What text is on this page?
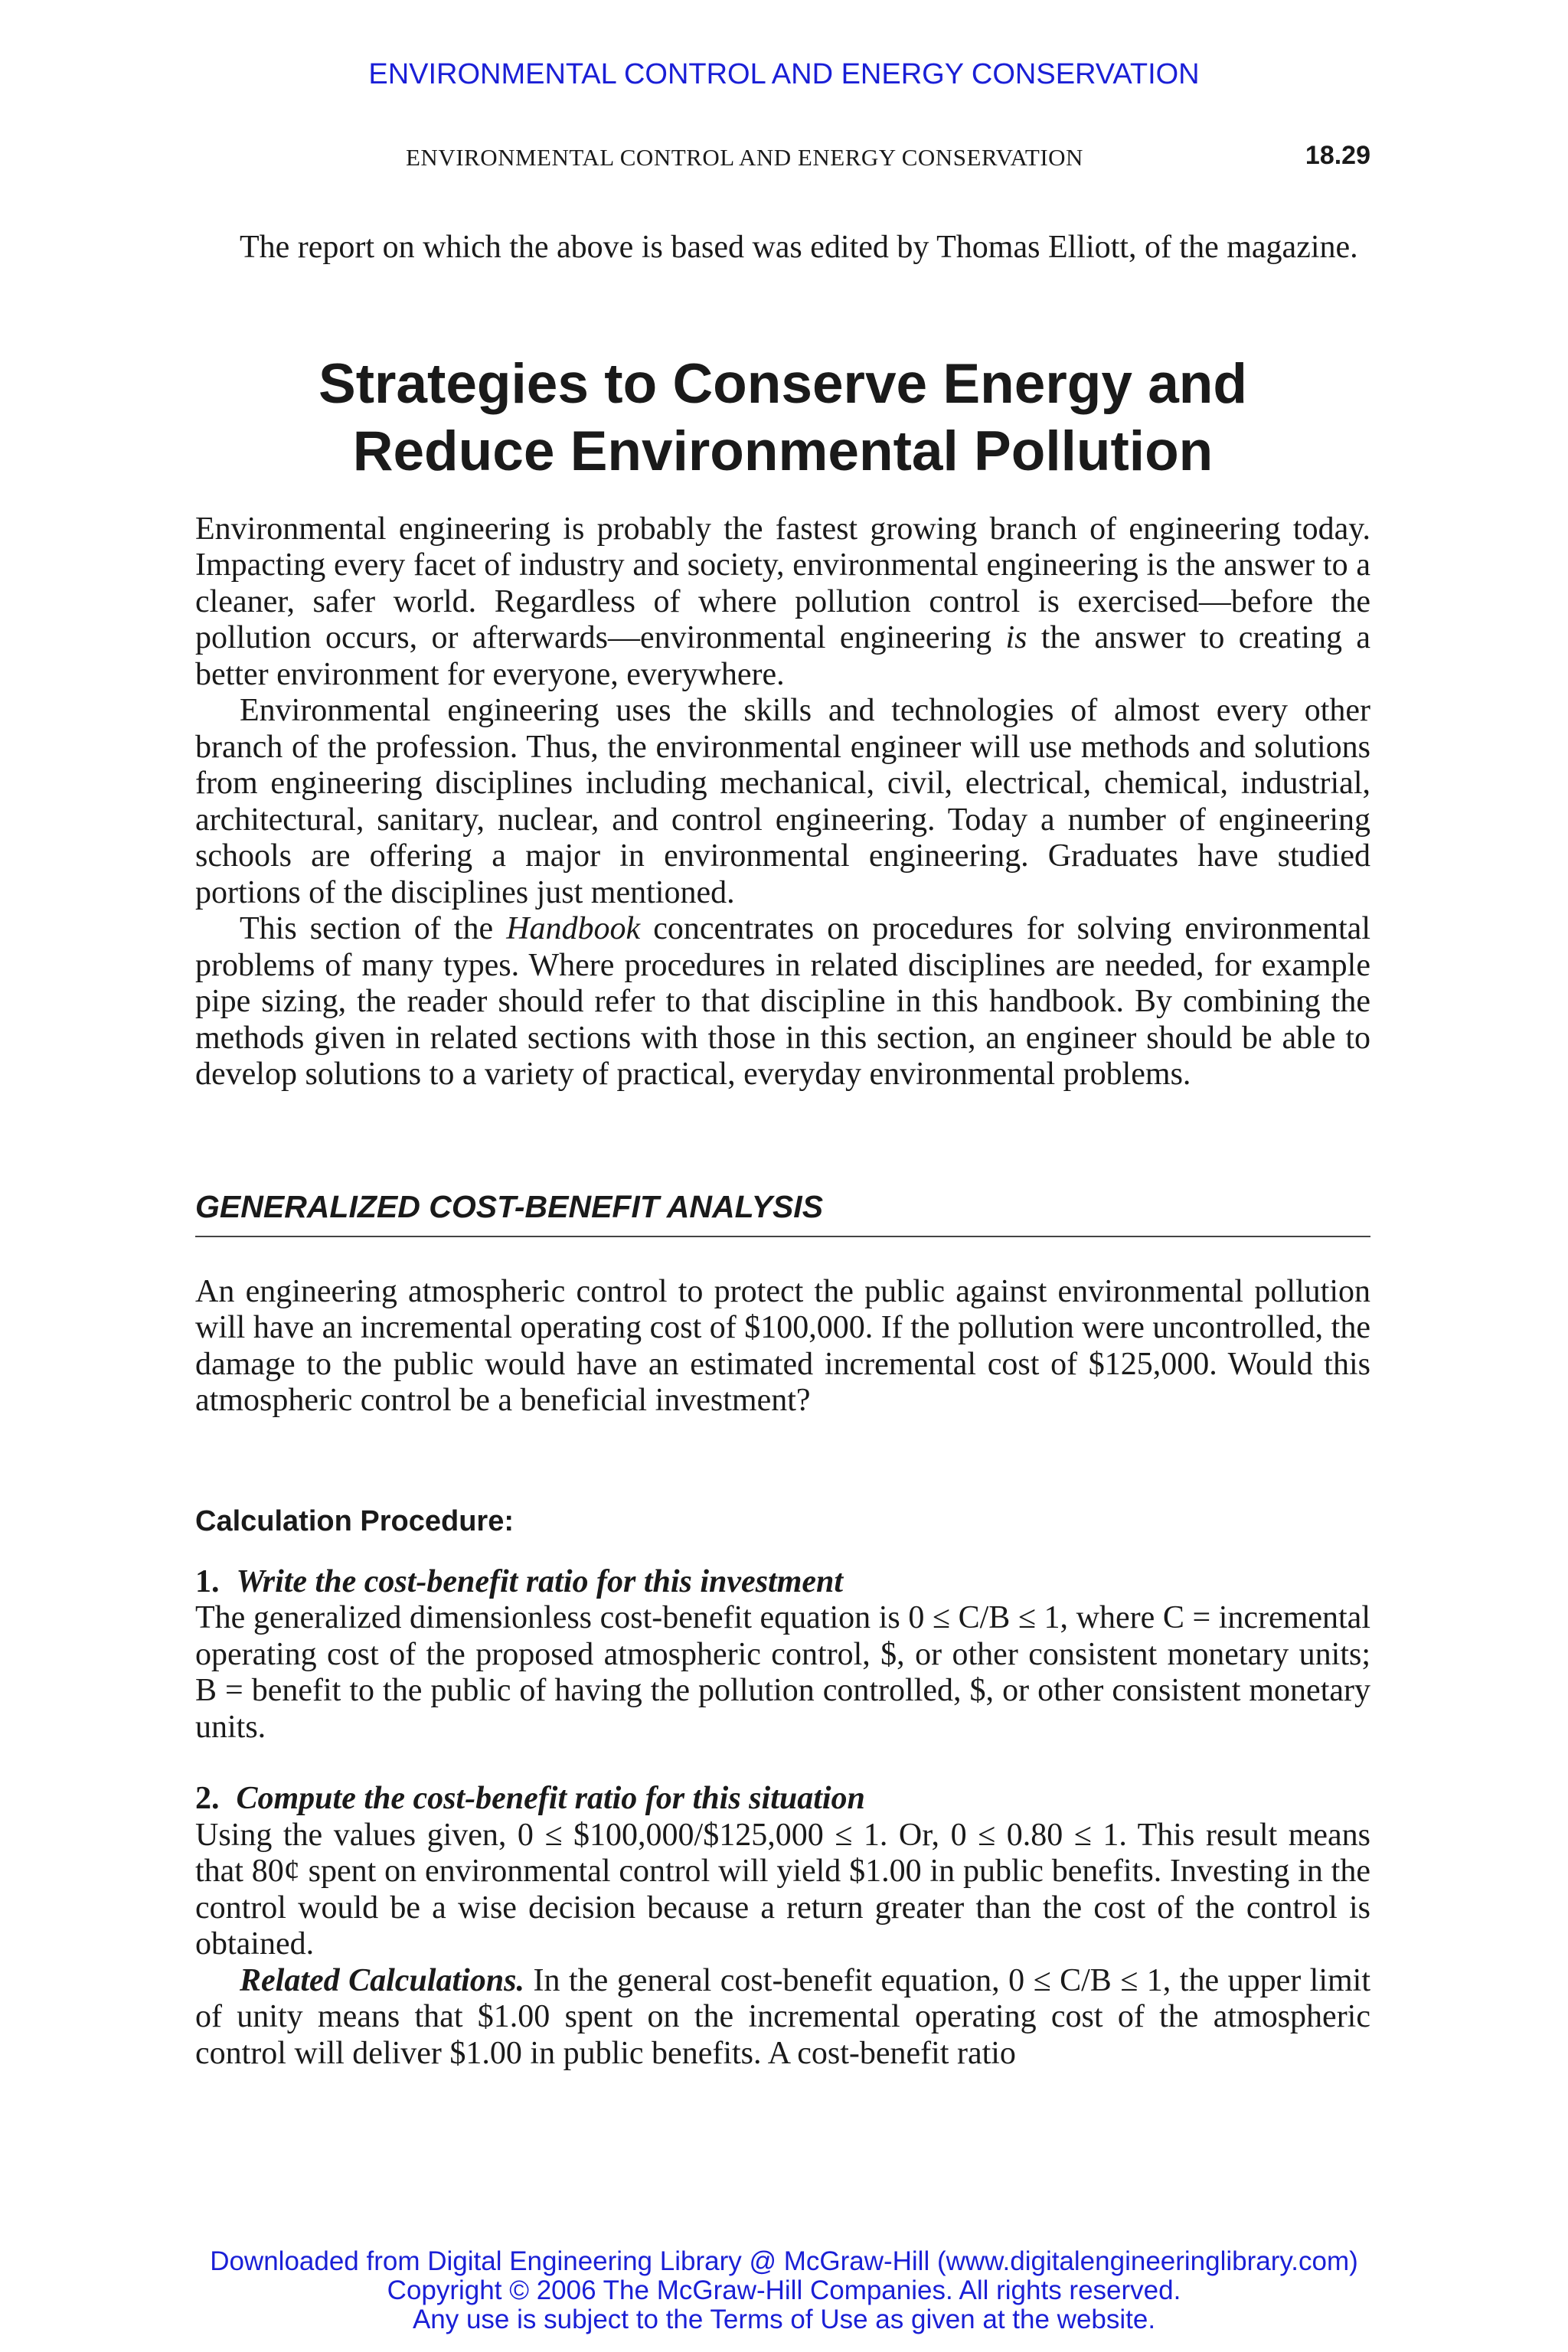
ENVIRONMENTAL CONTROL AND ENERGY CONSERVATION
ENVIRONMENTAL CONTROL AND ENERGY CONSERVATION	18.29

The report on which the above is based was edited by Thomas Elliott, of the magazine.

Strategies to Conserve Energy and
Reduce Environmental Pollution

Environmental engineering is probably the fastest growing branch of engineering today. Impacting every facet of industry and society, environmental engineering is the answer to a cleaner, safer world. Regardless of where pollution control is exercised—before the pollution occurs, or afterwards—environmental engineering is the answer to creating a better environment for everyone, everywhere.

Environmental engineering uses the skills and technologies of almost every other branch of the profession. Thus, the environmental engineer will use methods and solutions from engineering disciplines including mechanical, civil, electrical, chemical, industrial, architectural, sanitary, nuclear, and control engineering. Today a number of engineering schools are offering a major in environmental engineering. Graduates have studied portions of the disciplines just mentioned.

This section of the Handbook concentrates on procedures for solving environmental problems of many types. Where procedures in related disciplines are needed, for example pipe sizing, the reader should refer to that discipline in this handbook. By combining the methods given in related sections with those in this section, an engineer should be able to develop solutions to a variety of practical, everyday environmental problems.

GENERALIZED COST-BENEFIT ANALYSIS

An engineering atmospheric control to protect the public against environmental pollution will have an incremental operating cost of $100,000. If the pollution were uncontrolled, the damage to the public would have an estimated incremental cost of $125,000. Would this atmospheric control be a beneficial investment?

Calculation Procedure:
1. Write the cost-benefit ratio for this investment

The generalized dimensionless cost-benefit equation is 0 ≤ C/B ≤ 1, where C = incremental operating cost of the proposed atmospheric control, $, or other consistent monetary units; B = benefit to the public of having the pollution controlled, $, or other consistent monetary units.

2. Compute the cost-benefit ratio for this situation

Using the values given, 0 ≤ $100,000/$125,000 ≤ 1. Or, 0 ≤ 0.80 ≤ 1. This result means that 80¢ spent on environmental control will yield $1.00 in public benefits. Investing in the control would be a wise decision because a return greater than the cost of the control is obtained.

Related Calculations. In the general cost-benefit equation, 0 ≤ C/B ≤ 1, the upper limit of unity means that $1.00 spent on the incremental operating cost of the atmospheric control will deliver $1.00 in public benefits. A cost-benefit ratio

Downloaded from Digital Engineering Library @ McGraw-Hill (www.digitalengineeringlibrary.com)
Copyright © 2006 The McGraw-Hill Companies. All rights reserved.
Any use is subject to the Terms of Use as given at the website.
